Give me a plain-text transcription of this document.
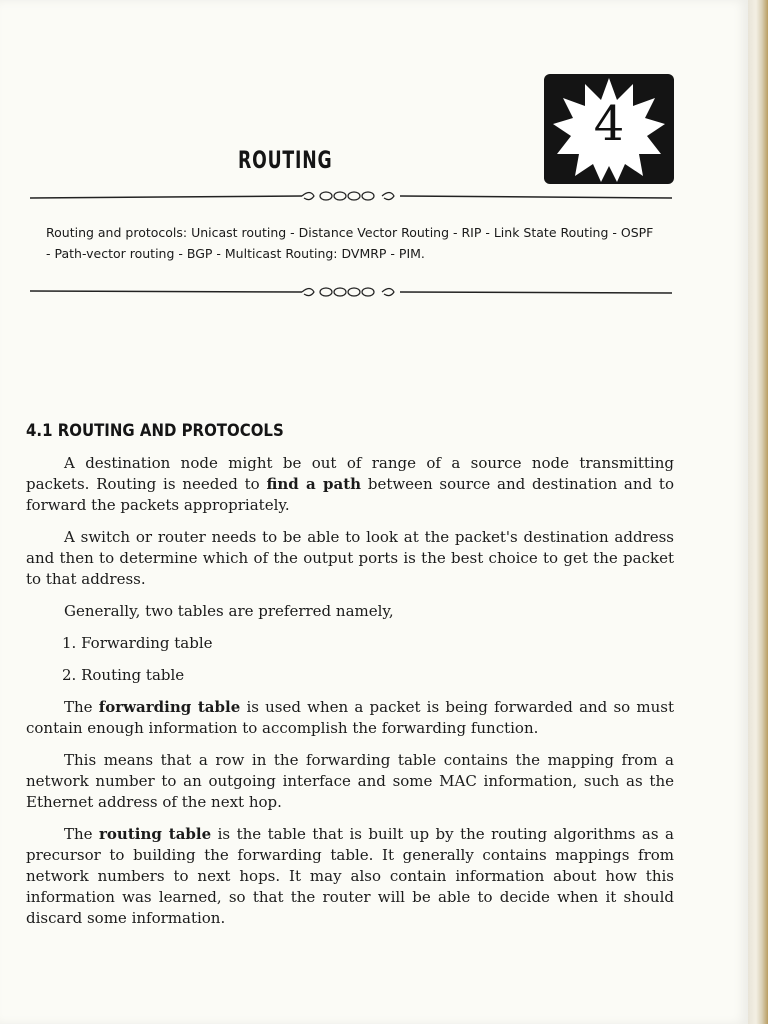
4
ROUTING
Routing and protocols: Unicast routing - Distance Vector Routing - RIP - Link State Routing - OSPF
- Path-vector routing - BGP - Multicast Routing: DVMRP - PIM.
4.1 ROUTING AND PROTOCOLS

A destination node might be out of range of a source node transmitting packets. Routing is needed to find a path between source and destination and to forward the packets appropriately.

A switch or router needs to be able to look at the packet's destination address and then to determine which of the output ports is the best choice to get the packet to that address.

Generally, two tables are preferred namely,

1. Forwarding table
2. Routing table

The forwarding table is used when a packet is being forwarded and so must contain enough information to accomplish the forwarding function.

This means that a row in the forwarding table contains the mapping from a network number to an outgoing interface and some MAC information, such as the Ethernet address of the next hop.

The routing table is the table that is built up by the routing algorithms as a precursor to building the forwarding table. It generally contains mappings from network numbers to next hops. It may also contain information about how this information was learned, so that the router will be able to decide when it should discard some information.
